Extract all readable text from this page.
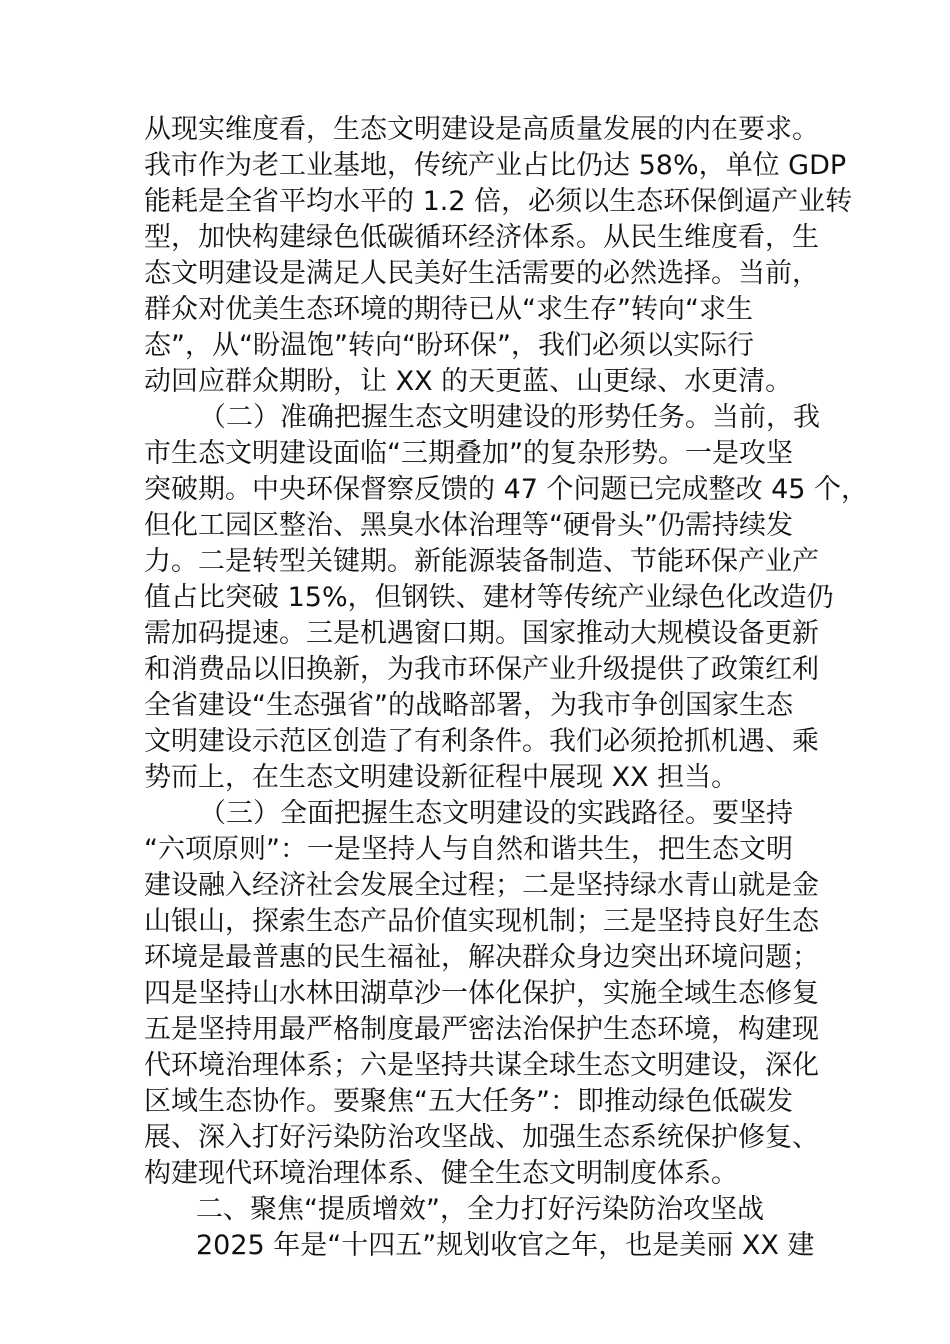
从现实维度看，生态文明建设是高质量发展的内在要求。
我市作为老工业基地，传统产业占比仍达 58%，单位 GDP
能耗是全省平均水平的 1.2 倍，必须以生态环保倒逼产业转
型，加快构建绿色低碳循环经济体系。从民生维度看，生
态文明建设是满足人民美好生活需要的必然选择。当前，
群众对优美生态环境的期待已从“求生存”转向“求生
态”，从“盼温饱”转向“盼环保”，我们必须以实际行
动回应群众期盼，让 XX 的天更蓝、山更绿、水更清。
（二）准确把握生态文明建设的形势任务。当前，我
市生态文明建设面临“三期叠加”的复杂形势。一是攻坚
突破期。中央环保督察反馈的 47 个问题已完成整改 45 个，
但化工园区整治、黑臭水体治理等“硬骨头”仍需持续发
力。二是转型关键期。新能源装备制造、节能环保产业产
值占比突破 15%，但钢铁、建材等传统产业绿色化改造仍
需加码提速。三是机遇窗口期。国家推动大规模设备更新
和消费品以旧换新，为我市环保产业升级提供了政策红利
全省建设“生态强省”的战略部署，为我市争创国家生态
文明建设示范区创造了有利条件。我们必须抢抓机遇、乘
势而上，在生态文明建设新征程中展现 XX 担当。
（三）全面把握生态文明建设的实践路径。要坚持
“六项原则”：一是坚持人与自然和谐共生，把生态文明
建设融入经济社会发展全过程；二是坚持绿水青山就是金
山银山，探索生态产品价值实现机制；三是坚持良好生态
环境是最普惠的民生福祉，解决群众身边突出环境问题；
四是坚持山水林田湖草沙一体化保护，实施全域生态修复
五是坚持用最严格制度最严密法治保护生态环境，构建现
代环境治理体系；六是坚持共谋全球生态文明建设，深化
区域生态协作。要聚焦“五大任务”：即推动绿色低碳发
展、深入打好污染防治攻坚战、加强生态系统保护修复、
构建现代环境治理体系、健全生态文明制度体系。
二、聚焦“提质增效”，全力打好污染防治攻坚战
2025 年是“十四五”规划收官之年，也是美丽 XX 建
